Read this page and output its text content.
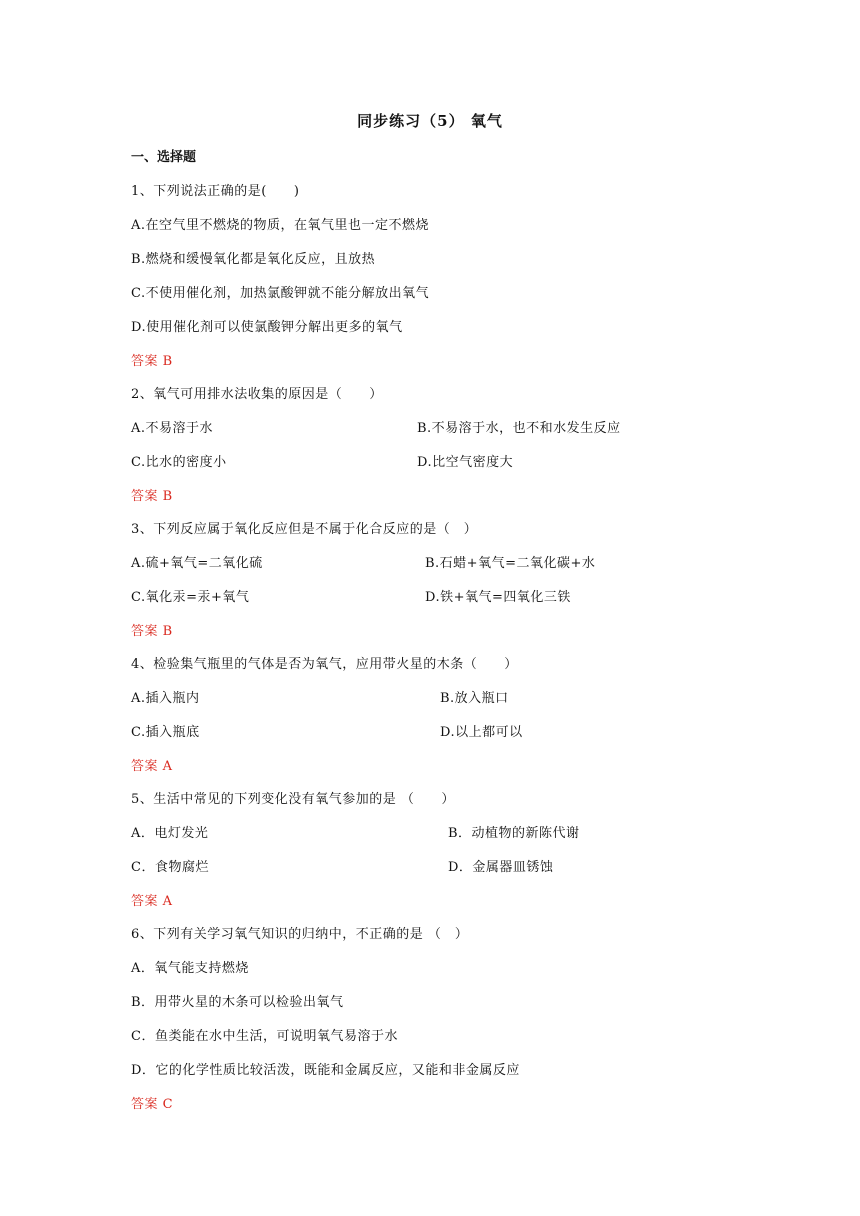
同步练习（5） 氧气
一、选择题
1、下列说法正确的是(　　)
A.在空气里不燃烧的物质，在氧气里也一定不燃烧
B.燃烧和缓慢氧化都是氧化反应，且放热
C.不使用催化剂，加热氯酸钾就不能分解放出氧气
D.使用催化剂可以使氯酸钾分解出更多的氧气
答案 B
2、氧气可用排水法收集的原因是（　　）
A.不易溶于水	B.不易溶于水，也不和水发生反应
C.比水的密度小	D.比空气密度大
答案 B
3、下列反应属于氧化反应但是不属于化合反应的是（　）
A.硫+氧气=二氧化硫	B.石蜡+氧气=二氧化碳+水
C.氧化汞=汞+氧气	D.铁+氧气=四氧化三铁
答案 B
4、检验集气瓶里的气体是否为氧气，应用带火星的木条（　　）
A.插入瓶内	B.放入瓶口
C.插入瓶底	D.以上都可以
答案 A
5、生活中常见的下列变化没有氧气参加的是 （　　）
A．电灯发光	B．动植物的新陈代谢
C．食物腐烂	D．金属器皿锈蚀
答案 A
6、下列有关学习氧气知识的归纳中，不正确的是 （　）
A．氧气能支持燃烧
B．用带火星的木条可以检验出氧气
C．鱼类能在水中生活，可说明氧气易溶于水
D．它的化学性质比较活泼，既能和金属反应，又能和非金属反应
答案 C
